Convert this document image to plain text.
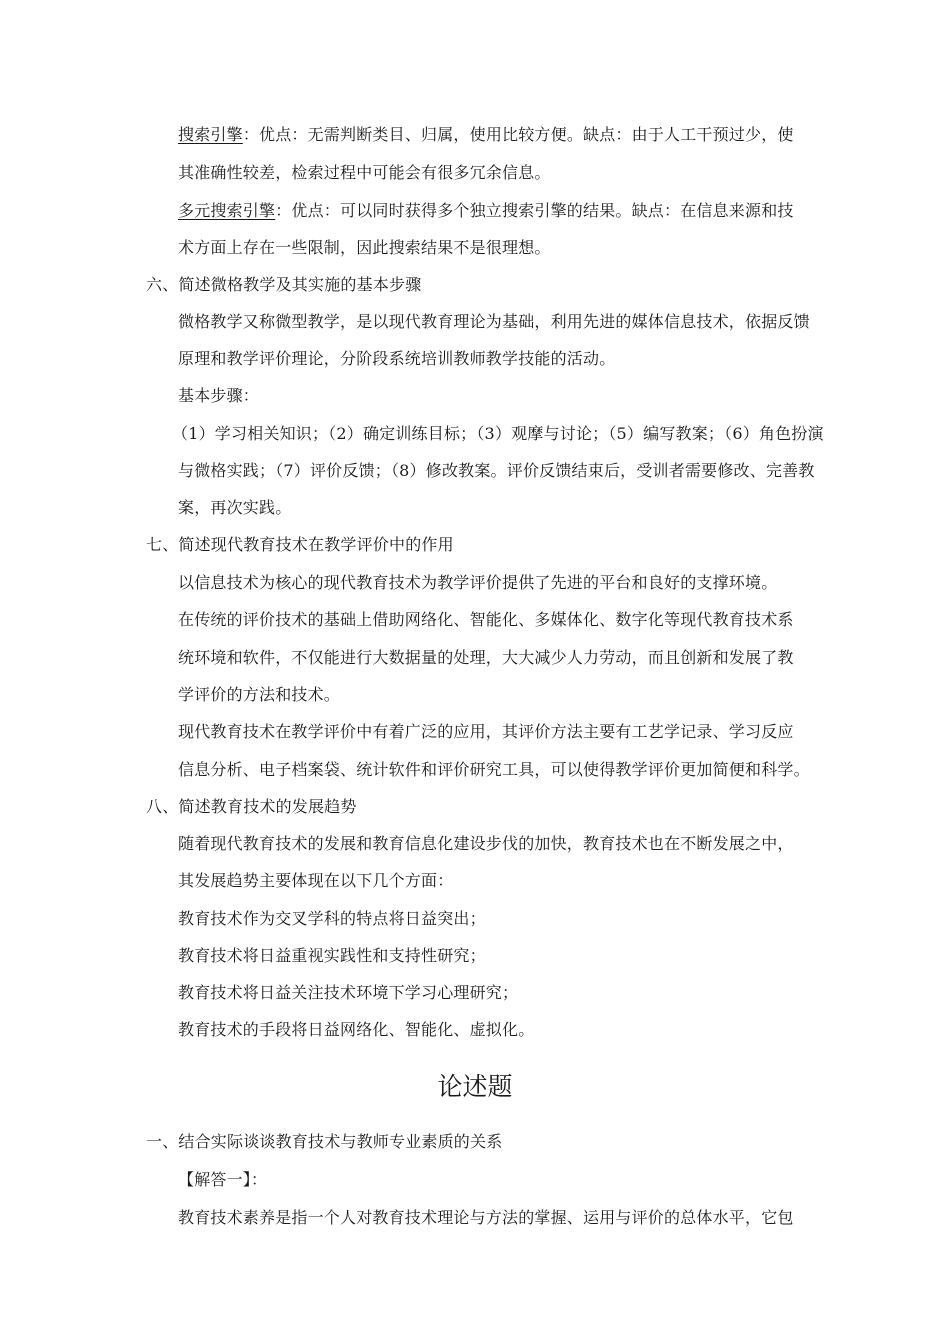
搜索引擎：优点：无需判断类目、归属，使用比较方便。缺点：由于人工干预过少，使
其准确性较差，检索过程中可能会有很多冗余信息。
多元搜索引擎：优点：可以同时获得多个独立搜索引擎的结果。缺点：在信息来源和技
术方面上存在一些限制，因此搜索结果不是很理想。
六、简述微格教学及其实施的基本步骤
微格教学又称微型教学，是以现代教育理论为基础，利用先进的媒体信息技术，依据反馈
原理和教学评价理论，分阶段系统培训教师教学技能的活动。
基本步骤：
（1）学习相关知识；（2）确定训练目标；（3）观摩与讨论；（5）编写教案；（6）角色扮演
与微格实践；（7）评价反馈；（8）修改教案。评价反馈结束后，受训者需要修改、完善教
案，再次实践。
七、简述现代教育技术在教学评价中的作用
以信息技术为核心的现代教育技术为教学评价提供了先进的平台和良好的支撑环境。
在传统的评价技术的基础上借助网络化、智能化、多媒体化、数字化等现代教育技术系
统环境和软件，不仅能进行大数据量的处理，大大减少人力劳动，而且创新和发展了教
学评价的方法和技术。
现代教育技术在教学评价中有着广泛的应用，其评价方法主要有工艺学记录、学习反应
信息分析、电子档案袋、统计软件和评价研究工具，可以使得教学评价更加简便和科学。
八、简述教育技术的发展趋势
随着现代教育技术的发展和教育信息化建设步伐的加快，教育技术也在不断发展之中，
其发展趋势主要体现在以下几个方面：
教育技术作为交叉学科的特点将日益突出；
教育技术将日益重视实践性和支持性研究；
教育技术将日益关注技术环境下学习心理研究；
教育技术的手段将日益网络化、智能化、虚拟化。
论述题
一、结合实际谈谈教育技术与教师专业素质的关系
【解答一】：
教育技术素养是指一个人对教育技术理论与方法的掌握、运用与评价的总体水平，它包
